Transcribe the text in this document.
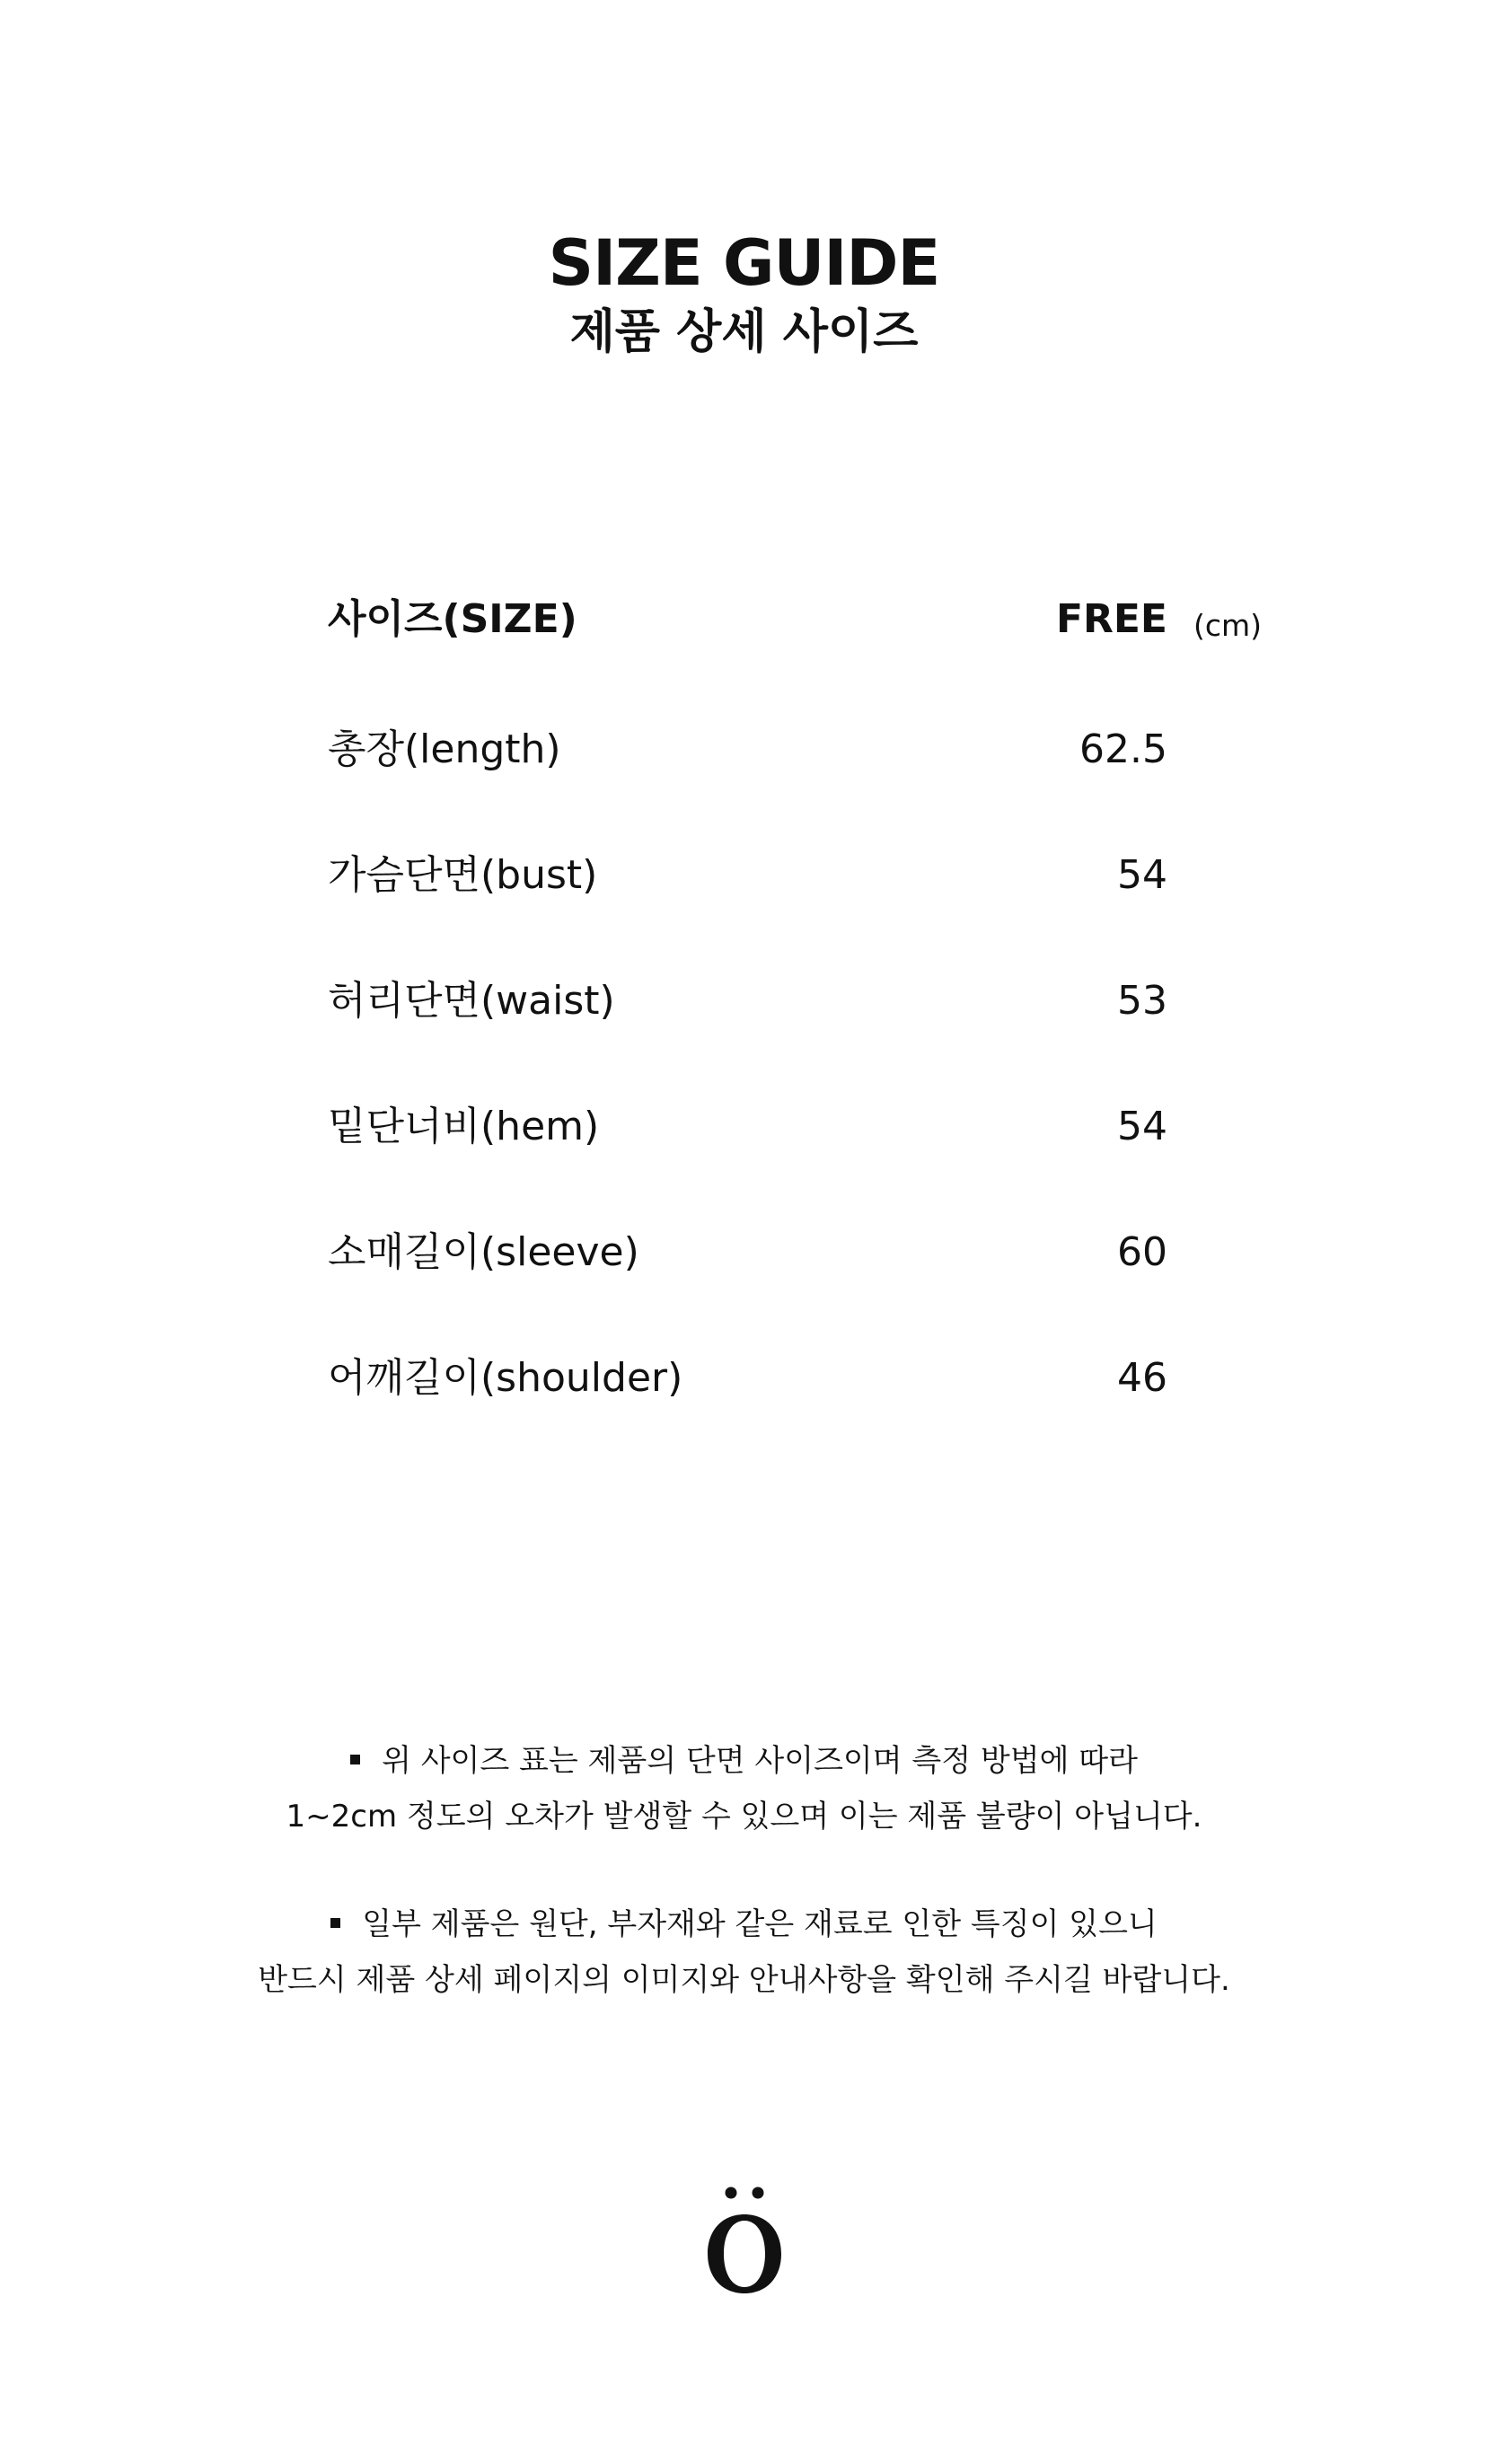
SIZE GUIDE
제품 상세 사이즈
사이즈(SIZE)	FREE (cm)
총장(length)	62.5
가슴단면(bust)	54
허리단면(waist)	53
밑단너비(hem)	54
소매길이(sleeve)	60
어깨길이(shoulder)	46
위 사이즈 표는 제품의 단면 사이즈이며 측정 방법에 따라
1~2cm 정도의 오차가 발생할 수 있으며 이는 제품 불량이 아닙니다.
일부 제품은 원단, 부자재와 같은 재료로 인한 특징이 있으니
반드시 제품 상세 페이지의 이미지와 안내사항을 확인해 주시길 바랍니다.
